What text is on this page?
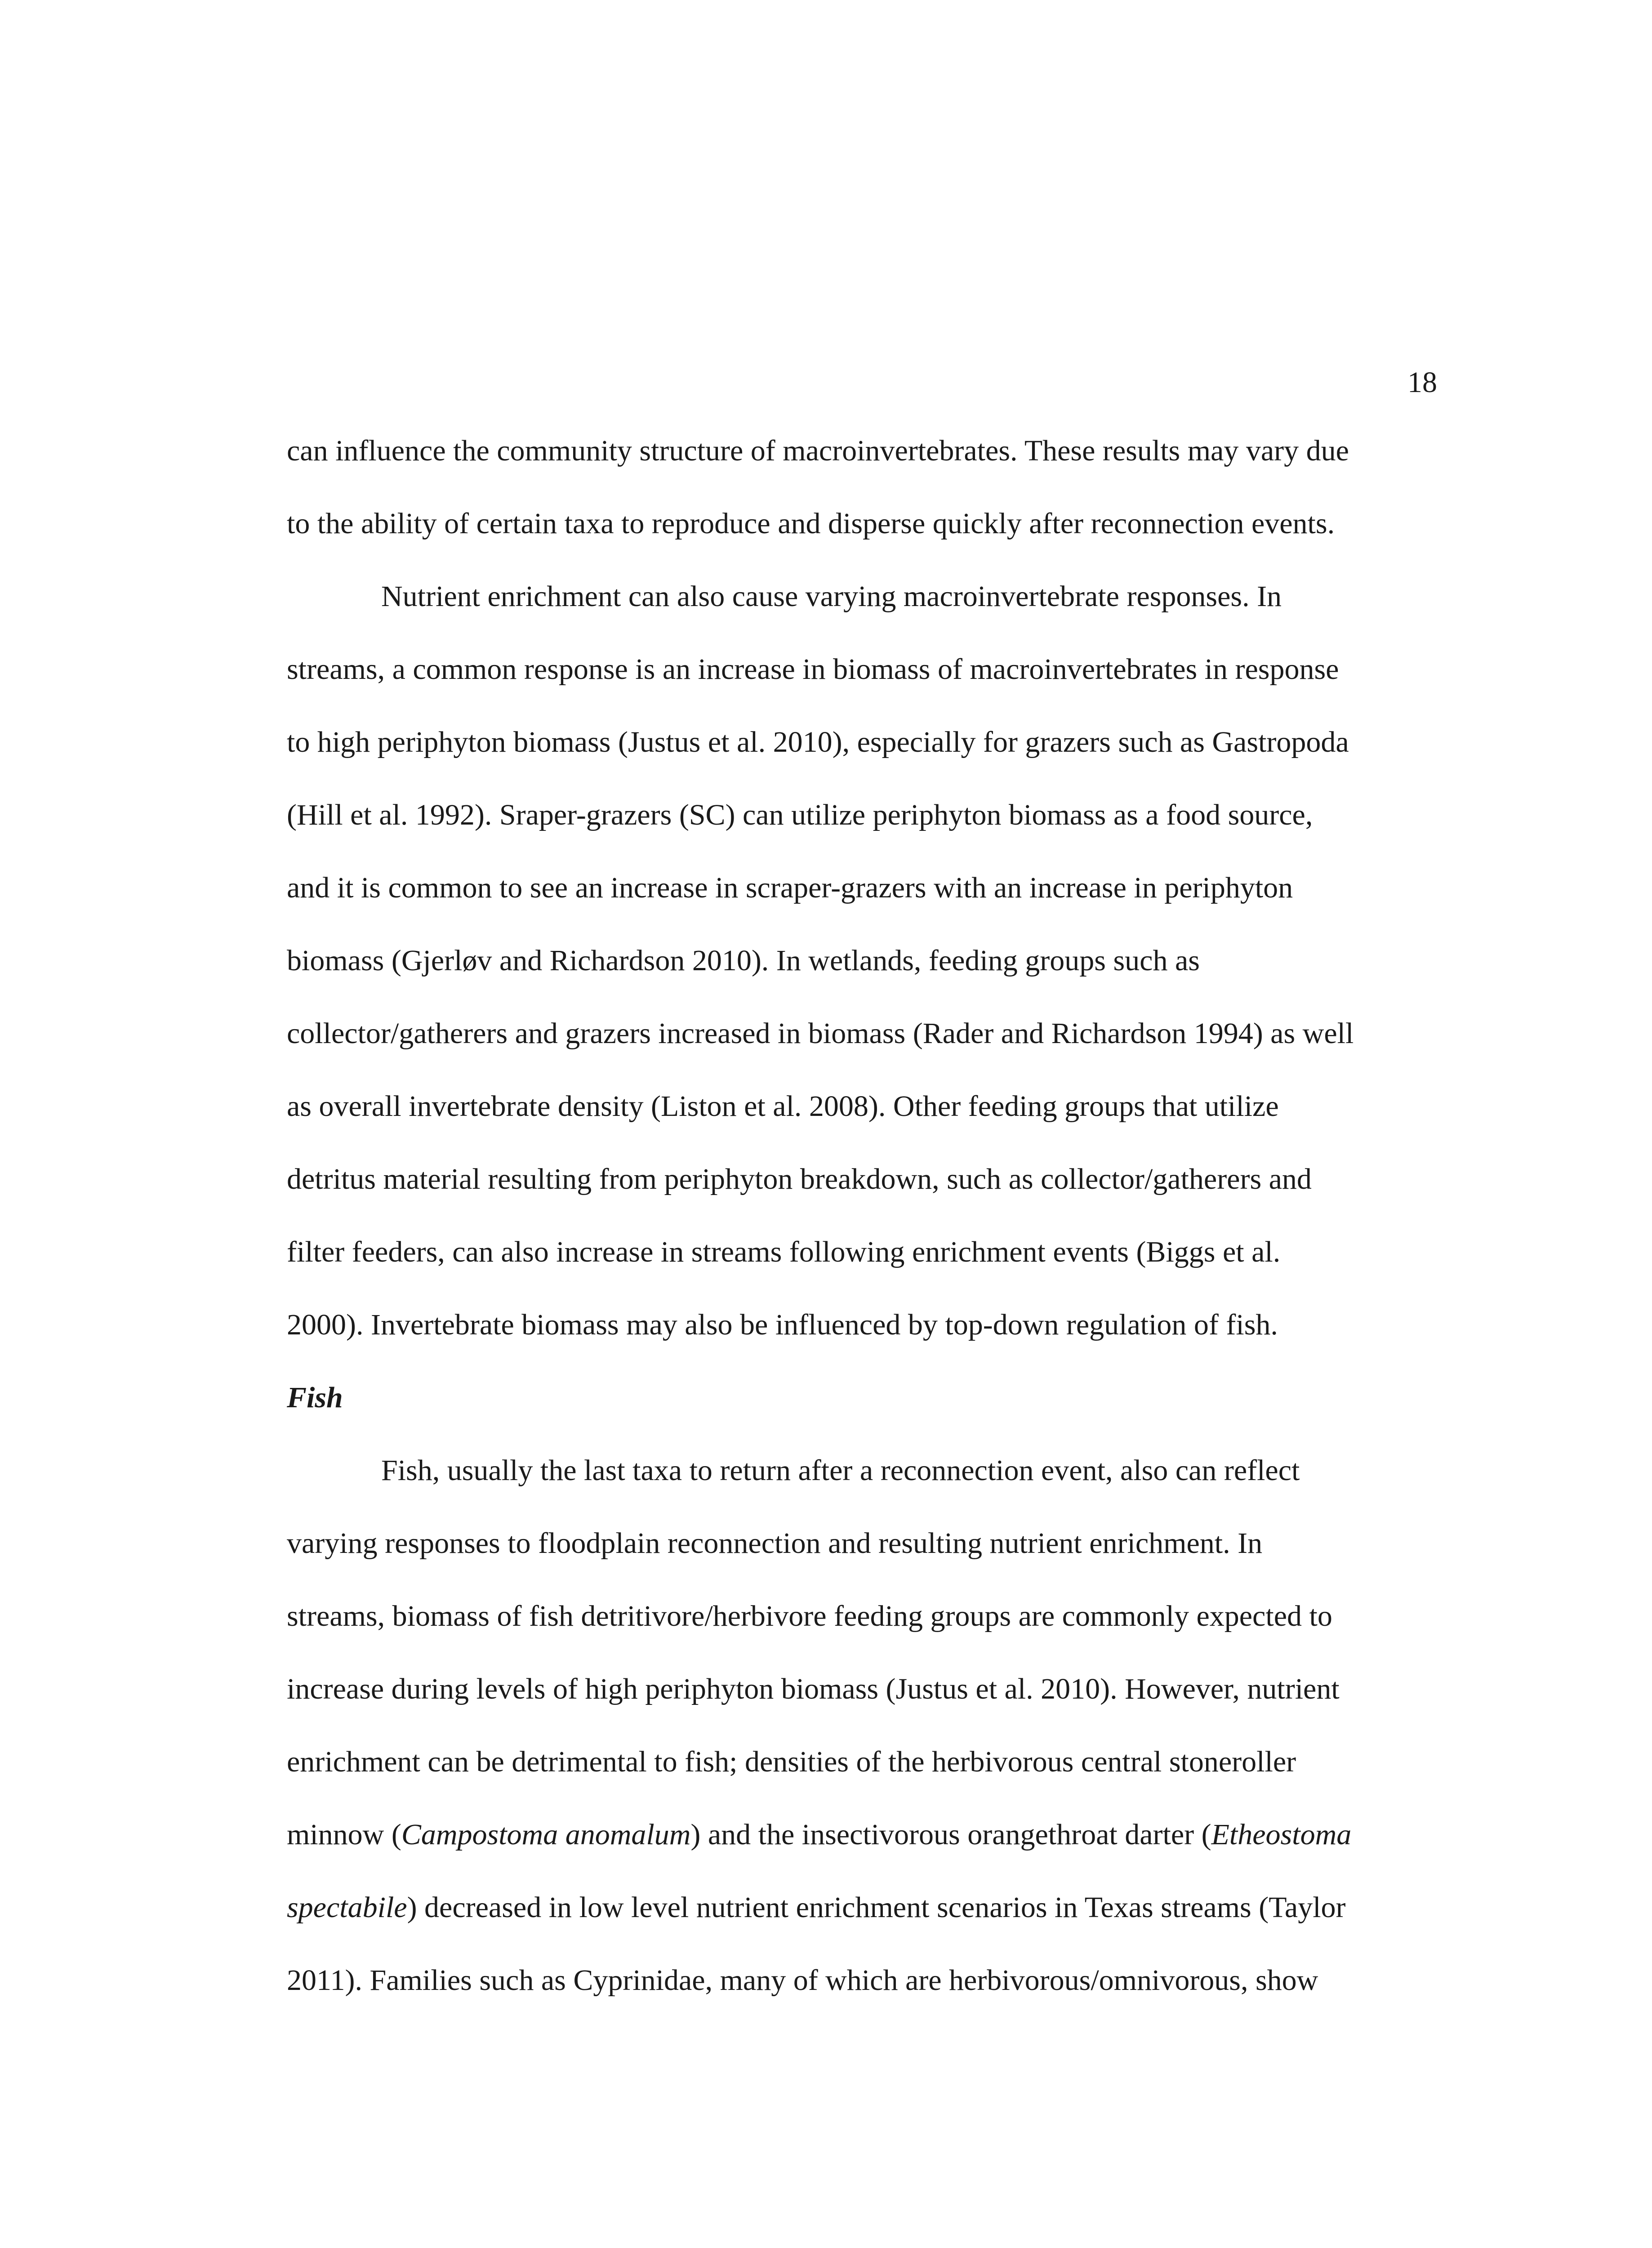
18
can influence the community structure of macroinvertebrates. These results may vary due
to the ability of certain taxa to reproduce and disperse quickly after reconnection events.
Nutrient enrichment can also cause varying macroinvertebrate responses. In
streams, a common response is an increase in biomass of macroinvertebrates in response
to high periphyton biomass (Justus et al. 2010), especially for grazers such as Gastropoda
(Hill et al. 1992). Sraper-grazers (SC) can utilize periphyton biomass as a food source,
and it is common to see an increase in scraper-grazers with an increase in periphyton
biomass (Gjerløv and Richardson 2010). In wetlands, feeding groups such as
collector/gatherers and grazers increased in biomass (Rader and Richardson 1994) as well
as overall invertebrate density (Liston et al. 2008). Other feeding groups that utilize
detritus material resulting from periphyton breakdown, such as collector/gatherers and
filter feeders, can also increase in streams following enrichment events (Biggs et al.
2000). Invertebrate biomass may also be influenced by top-down regulation of fish.
Fish
Fish, usually the last taxa to return after a reconnection event, also can reflect
varying responses to floodplain reconnection and resulting nutrient enrichment. In
streams, biomass of fish detritivore/herbivore feeding groups are commonly expected to
increase during levels of high periphyton biomass (Justus et al. 2010). However, nutrient
enrichment can be detrimental to fish; densities of the herbivorous central stoneroller
minnow (Campostoma anomalum) and the insectivorous orangethroat darter (Etheostoma
spectabile) decreased in low level nutrient enrichment scenarios in Texas streams (Taylor
2011). Families such as Cyprinidae, many of which are herbivorous/omnivorous, show
